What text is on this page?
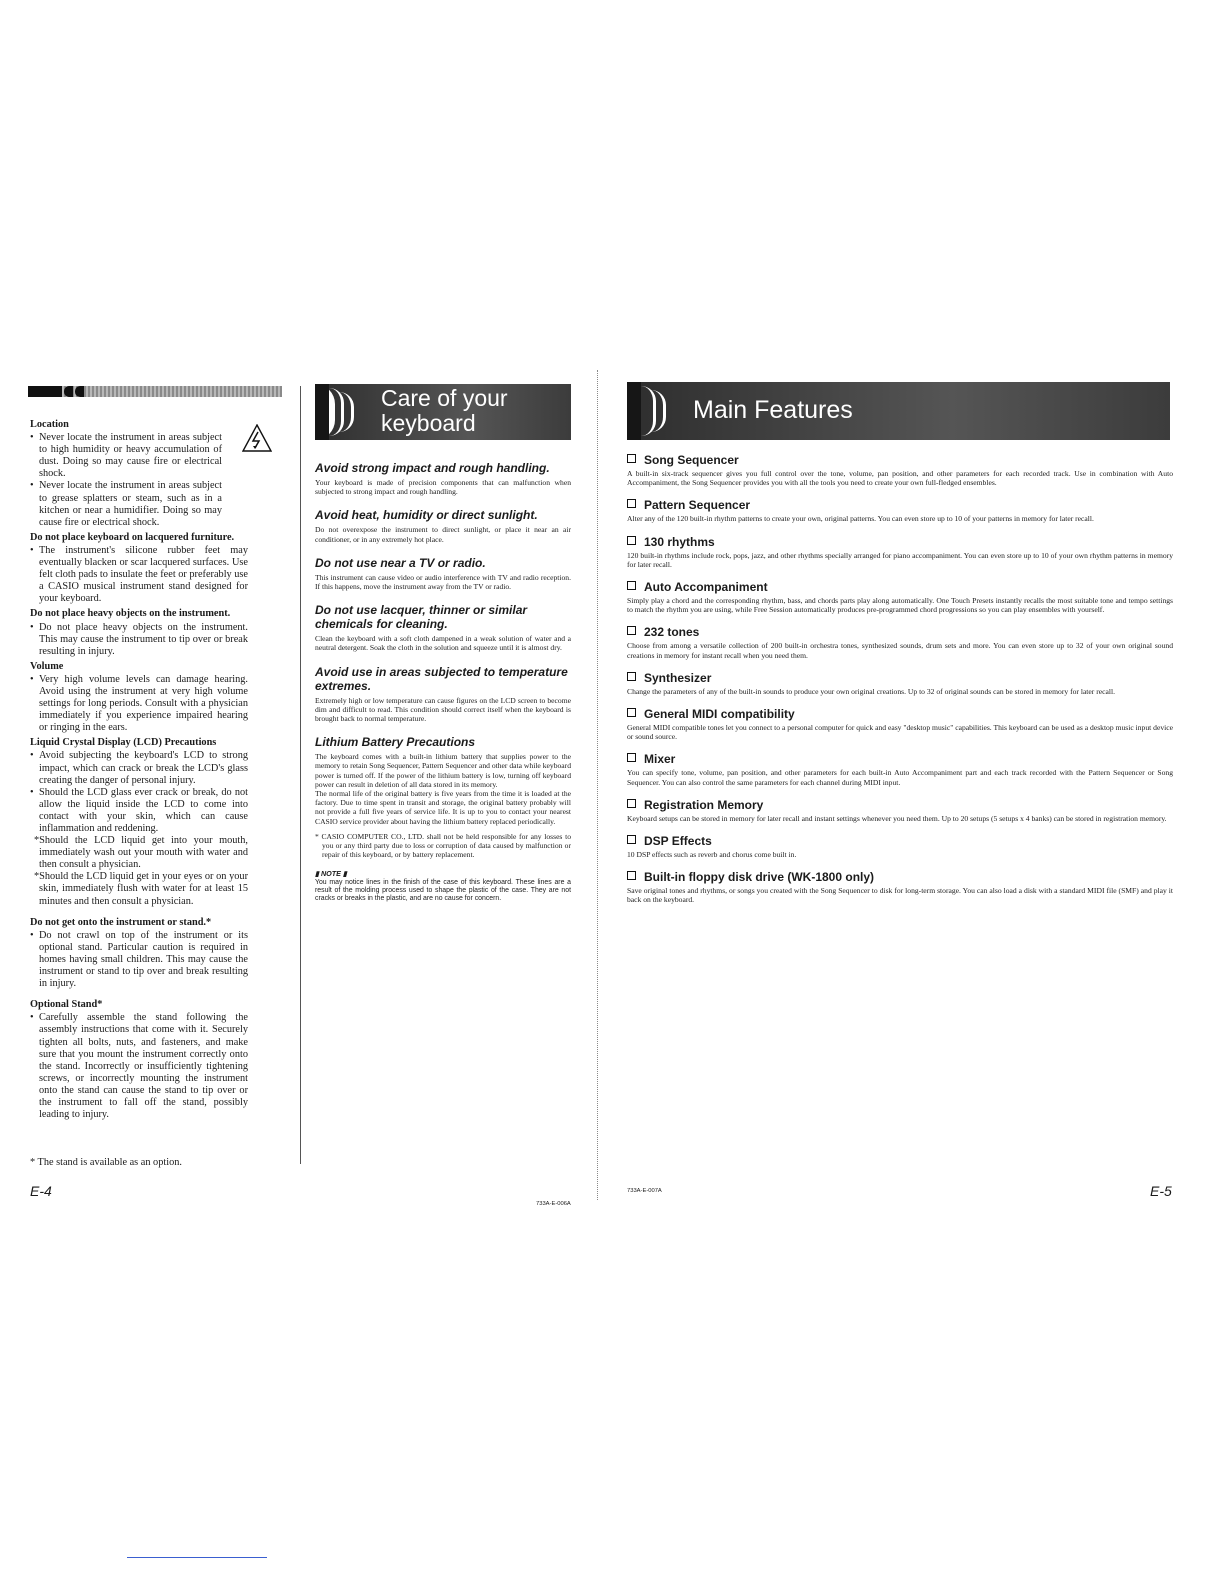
Location
• Never locate the instrument in areas subject to high humidity or heavy accumulation of dust. Doing so may cause fire or electrical shock.
• Never locate the instrument in areas subject to grease splatters or steam, such as in a kitchen or near a humidifier. Doing so may cause fire or electrical shock.
Do not place keyboard on lacquered furniture.
• The instrument's silicone rubber feet may eventually blacken or scar lacquered surfaces. Use felt cloth pads to insulate the feet or preferably use a CASIO musical instrument stand designed for your keyboard.
Do not place heavy objects on the instrument.
• Do not place heavy objects on the instrument. This may cause the instrument to tip over or break resulting in injury.
Volume
• Very high volume levels can damage hearing. Avoid using the instrument at very high volume settings for long periods. Consult with a physician immediately if you experience impaired hearing or ringing in the ears.
Liquid Crystal Display (LCD) Precautions
• Avoid subjecting the keyboard's LCD to strong impact, which can crack or break the LCD's glass creating the danger of personal injury.
• Should the LCD glass ever crack or break, do not allow the liquid inside the LCD to come into contact with your skin, which can cause inflammation and reddening.
*Should the LCD liquid get into your mouth, immediately wash out your mouth with water and then consult a physician.
*Should the LCD liquid get in your eyes or on your skin, immediately flush with water for at least 15 minutes and then consult a physician.
Do not get onto the instrument or stand.*
• Do not crawl on top of the instrument or its optional stand. Particular caution is required in homes having small children. This may cause the instrument or stand to tip over and break resulting in injury.
Optional Stand*
• Carefully assemble the stand following the assembly instructions that come with it. Securely tighten all bolts, nuts, and fasteners, and make sure that you mount the instrument correctly onto the stand. Incorrectly or insufficiently tightening screws, or incorrectly mounting the instrument onto the stand can cause the stand to tip over or the instrument to fall off the stand, possibly leading to injury.
* The stand is available as an option.
E-4
Care of your
keyboard
Avoid strong impact and rough handling.

Your keyboard is made of precision components that can malfunction when subjected to strong impact and rough handling.

Avoid heat, humidity or direct sunlight.

Do not overexpose the instrument to direct sunlight, or place it near an air conditioner, or in any extremely hot place.

Do not use near a TV or radio.

This instrument can cause video or audio interference with TV and radio reception. If this happens, move the instrument away from the TV or radio.

Do not use lacquer, thinner or similar chemicals for cleaning.

Clean the keyboard with a soft cloth dampened in a weak solution of water and a neutral detergent. Soak the cloth in the solution and squeeze until it is almost dry.

Avoid use in areas subjected to temperature extremes.

Extremely high or low temperature can cause figures on the LCD screen to become dim and difficult to read. This condition should correct itself when the keyboard is brought back to normal temperature.

Lithium Battery Precautions

The keyboard comes with a built-in lithium battery that supplies power to the memory to retain Song Sequencer, Pattern Sequencer and other data while keyboard power is turned off. If the power of the lithium battery is low, turning off keyboard power can result in deletion of all data stored in its memory.

The normal life of the original battery is five years from the time it is loaded at the factory. Due to time spent in transit and storage, the original battery probably will not provide a full five years of service life. It is up to you to contact your nearest CASIO service provider about having the lithium battery replaced periodically.

* CASIO COMPUTER CO., LTD. shall not be held responsible for any losses to you or any third party due to loss or corruption of data caused by malfunction or repair of this keyboard, or by battery replacement.

▮ NOTE ▮

You may notice lines in the finish of the case of this keyboard. These lines are a result of the molding process used to shape the plastic of the case. They are not cracks or breaks in the plastic, and are no cause for concern.

733A-E-006A
Main Features
Song Sequencer

A built-in six-track sequencer gives you full control over the tone, volume, pan position, and other parameters for each recorded track. Use in combination with Auto Accompaniment, the Song Sequencer provides you with all the tools you need to create your own full-fledged ensembles.

Pattern Sequencer

Alter any of the 120 built-in rhythm patterns to create your own, original patterns. You can even store up to 10 of your patterns in memory for later recall.

130 rhythms

120 built-in rhythms include rock, pops, jazz, and other rhythms specially arranged for piano accompaniment. You can even store up to 10 of your own rhythm patterns in memory for later recall.

Auto Accompaniment

Simply play a chord and the corresponding rhythm, bass, and chords parts play along automatically. One Touch Presets instantly recalls the most suitable tone and tempo settings to match the rhythm you are using, while Free Session automatically produces pre-programmed chord progressions so you can play ensembles with yourself.

232 tones

Choose from among a versatile collection of 200 built-in orchestra tones, synthesized sounds, drum sets and more. You can even store up to 32 of your own original sound creations in memory for instant recall when you need them.

Synthesizer

Change the parameters of any of the built-in sounds to produce your own original creations. Up to 32 of original sounds can be stored in memory for later recall.

General MIDI compatibility

General MIDI compatible tones let you connect to a personal computer for quick and easy "desktop music" capabilities. This keyboard can be used as a desktop music input device or sound source.

Mixer

You can specify tone, volume, pan position, and other parameters for each built-in Auto Accompaniment part and each track recorded with the Pattern Sequencer or Song Sequencer. You can also control the same parameters for each channel during MIDI input.

Registration Memory

Keyboard setups can be stored in memory for later recall and instant settings whenever you need them. Up to 20 setups (5 setups x 4 banks) can be stored in registration memory.

DSP Effects

10 DSP effects such as reverb and chorus come built in.

Built-in floppy disk drive (WK-1800 only)

Save original tones and rhythms, or songs you created with the Song Sequencer to disk for long-term storage. You can also load a disk with a standard MIDI file (SMF) and play it back on the keyboard.

733A-E-007A	E-5
